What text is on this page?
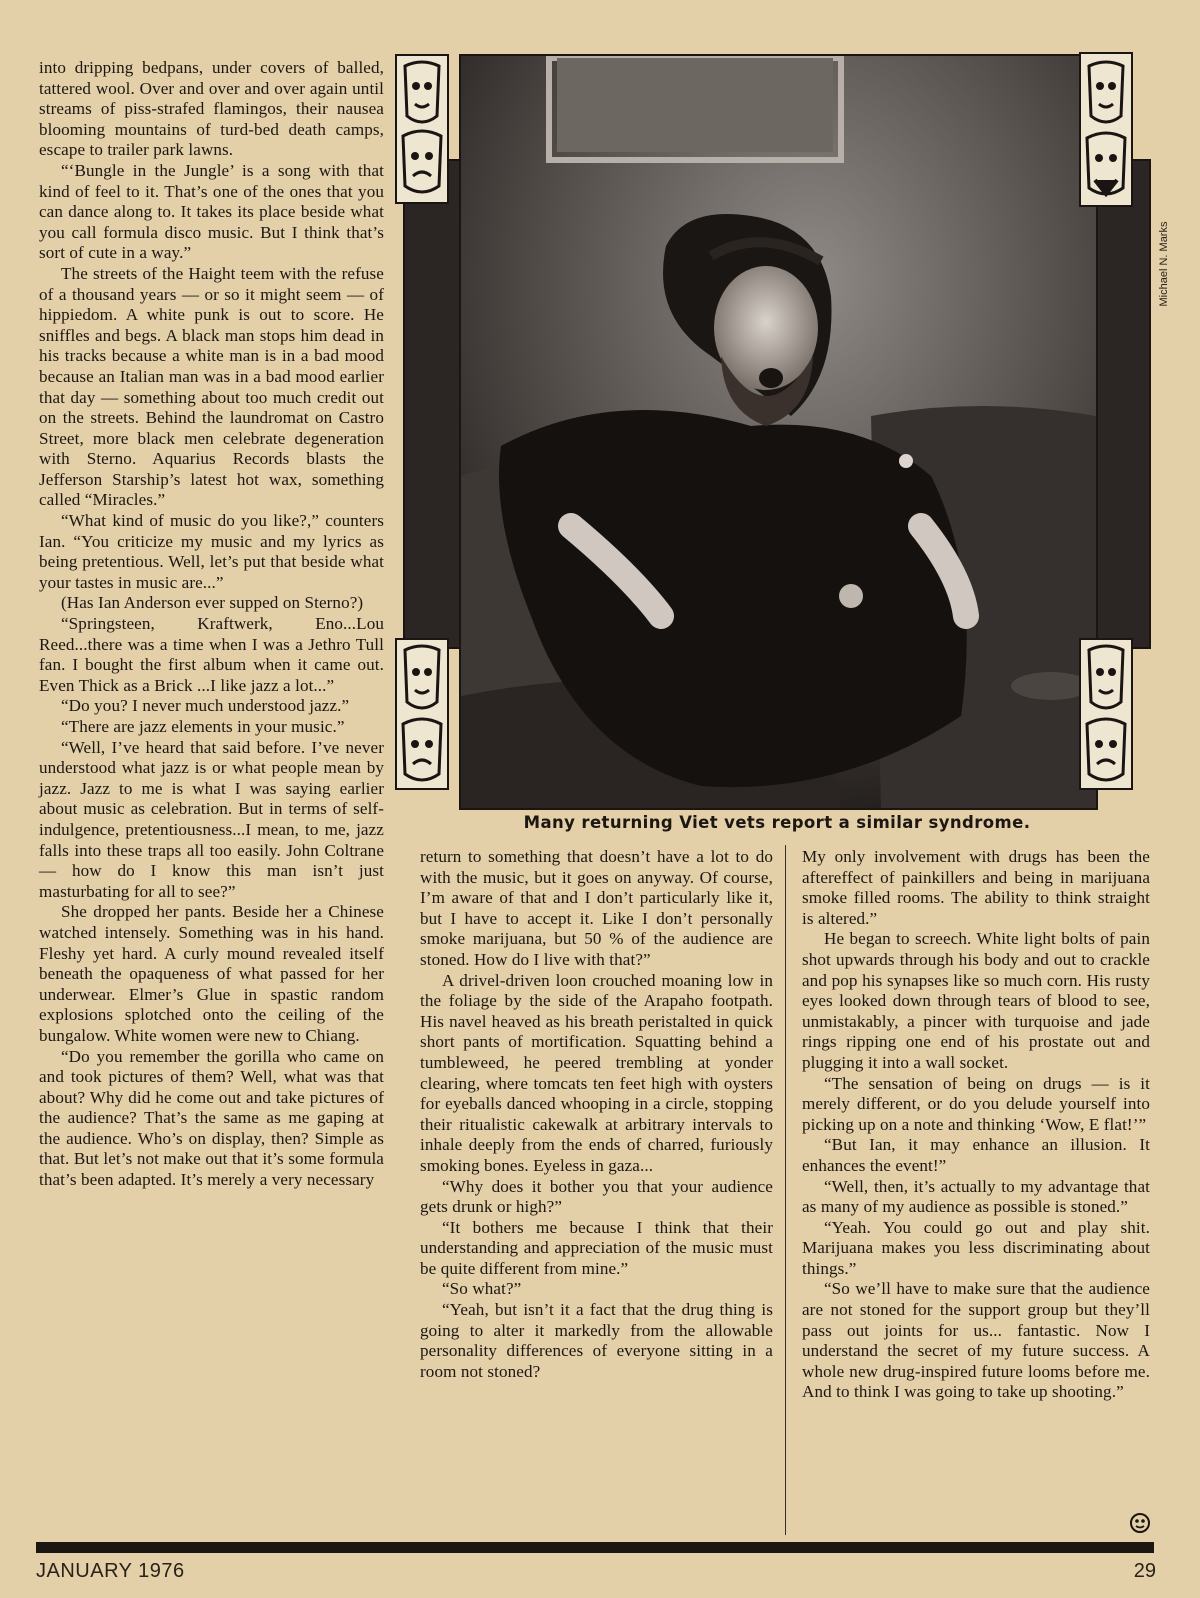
into dripping bedpans, under covers of balled, tattered wool. Over and over and over again until streams of piss-strafed flamingos, their nausea blooming mountains of turd-bed death camps, escape to trailer park lawns.

“‘Bungle in the Jungle’ is a song with that kind of feel to it. That’s one of the ones that you can dance along to. It takes its place beside what you call formula disco music. But I think that’s sort of cute in a way.”

The streets of the Haight teem with the refuse of a thousand years — or so it might seem — of hippiedom. A white punk is out to score. He sniffles and begs. A black man stops him dead in his tracks because a white man is in a bad mood because an Italian man was in a bad mood earlier that day — something about too much credit out on the streets. Behind the laundromat on Castro Street, more black men celebrate degeneration with Sterno. Aquarius Records blasts the Jefferson Starship’s latest hot wax, something called “Miracles.”

“What kind of music do you like?,” counters Ian. “You criticize my music and my lyrics as being pretentious. Well, let’s put that beside what your tastes in music are...”

(Has Ian Anderson ever supped on Sterno?)

“Springsteen, Kraftwerk, Eno...Lou Reed...there was a time when I was a Jethro Tull fan. I bought the first album when it came out. Even Thick as a Brick ...I like jazz a lot...”

“Do you? I never much understood jazz.”

“There are jazz elements in your music.”

“Well, I’ve heard that said before. I’ve never understood what jazz is or what people mean by jazz. Jazz to me is what I was saying earlier about music as celebration. But in terms of self-indulgence, pretentiousness...I mean, to me, jazz falls into these traps all too easily. John Coltrane — how do I know this man isn’t just masturbating for all to see?”

She dropped her pants. Beside her a Chinese watched intensely. Something was in his hand. Fleshy yet hard. A curly mound revealed itself beneath the opaqueness of what passed for her underwear. Elmer’s Glue in spastic random explosions splotched onto the ceiling of the bungalow. White women were new to Chiang.

“Do you remember the gorilla who came on and took pictures of them? Well, what was that about? Why did he come out and take pictures of the audience? That’s the same as me gaping at the audience. Who’s on display, then? Simple as that. But let’s not make out that it’s some formula that’s been adapted. It’s merely a very necessary

Michael N. Marks
Many returning Viet vets report a similar syndrome.

return to something that doesn’t have a lot to do with the music, but it goes on anyway. Of course, I’m aware of that and I don’t particularly like it, but I have to accept it. Like I don’t personally smoke marijuana, but 50 % of the audience are stoned. How do I live with that?”

A drivel-driven loon crouched moaning low in the foliage by the side of the Arapaho footpath. His navel heaved as his breath peristalted in quick short pants of mortification. Squatting behind a tumbleweed, he peered trembling at yonder clearing, where tomcats ten feet high with oysters for eyeballs danced whooping in a circle, stopping their ritualistic cakewalk at arbitrary intervals to inhale deeply from the ends of charred, furiously smoking bones. Eyeless in gaza...

“Why does it bother you that your audience gets drunk or high?”

“It bothers me because I think that their understanding and appreciation of the music must be quite different from mine.”

“So what?”

“Yeah, but isn’t it a fact that the drug thing is going to alter it markedly from the allowable personality differences of everyone sitting in a room not stoned?

My only involvement with drugs has been the aftereffect of painkillers and being in marijuana smoke filled rooms. The ability to think straight is altered.”

He began to screech. White light bolts of pain shot upwards through his body and out to crackle and pop his synapses like so much corn. His rusty eyes looked down through tears of blood to see, unmistakably, a pincer with turquoise and jade rings ripping one end of his prostate out and plugging it into a wall socket.

“The sensation of being on drugs — is it merely different, or do you delude yourself into picking up on a note and thinking ‘Wow, E flat!’”

“But Ian, it may enhance an illusion. It enhances the event!”

“Well, then, it’s actually to my advantage that as many of my audience as possible is stoned.”

“Yeah. You could go out and play shit. Marijuana makes you less discriminating about things.”

“So we’ll have to make sure that the audience are not stoned for the support group but they’ll pass out joints for us... fantastic. Now I understand the secret of my future success. A whole new drug-inspired future looms before me. And to think I was going to take up shooting.”

JANUARY 1976	29
